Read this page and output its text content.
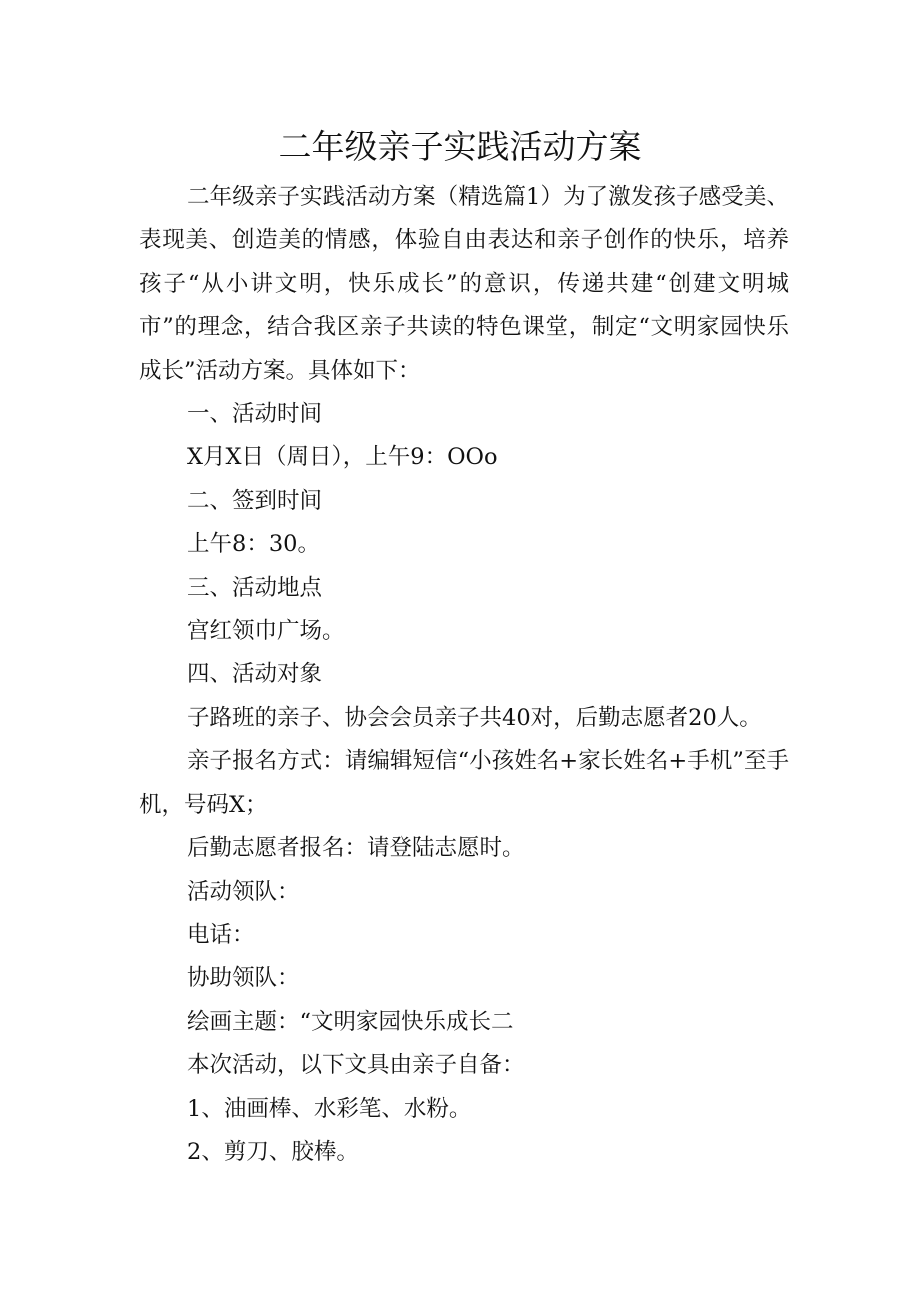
二年级亲子实践活动方案

二年级亲子实践活动方案（精选篇1）为了激发孩子感受美、表现美、创造美的情感，体验自由表达和亲子创作的快乐，培养孩子“从小讲文明，快乐成长”的意识，传递共建“创建文明城市”的理念，结合我区亲子共读的特色课堂，制定“文明家园快乐成长”活动方案。具体如下：

一、活动时间

X月X日（周日），上午9：OOo

二、签到时间

上午8：30。

三、活动地点

宫红领巾广场。

四、活动对象

子路班的亲子、协会会员亲子共40对，后勤志愿者20人。

亲子报名方式：请编辑短信“小孩姓名+家长姓名+手机”至手机，号码X；

后勤志愿者报名：请登陆志愿时。

活动领队：

电话：

协助领队：

绘画主题：“文明家园快乐成长二

本次活动，以下文具由亲子自备：

1、油画棒、水彩笔、水粉。

2、剪刀、胶棒。
